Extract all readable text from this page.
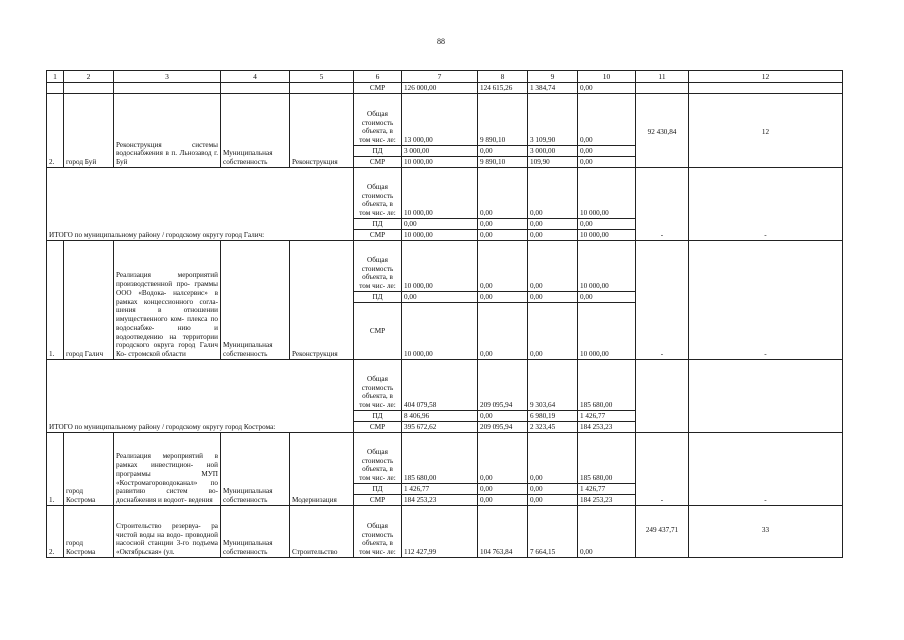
88
1	2	3	4	5	6	7	8	9	10	11	12
					СМР	126 000,00	124 615,26	1 384,74	0,00		
2.	город Буй	Реконструкция системы водоснабжения в п. Льнозавод г. Буй	Муниципальная собственность	Реконструкция	Общая стоимость объекта, в том чис- ле:	13 000,00	9 890,10	3 109,90	0,00	92 430,84	12
					ПД	3 000,00	0,00	3 000,00	0,00		
					СМР	10 000,00	9 890,10	109,90	0,00		
ИТОГО по муниципальному району / городскому округу город Галич:					Общая стоимость объекта, в том чис- ле:	10 000,00	0,00	0,00	10 000,00	-	-
					ПД	0,00	0,00	0,00	0,00		
					СМР	10 000,00	0,00	0,00	10 000,00		
1.	город Галич	Реализация мероприятий производственной про- граммы ООО «Водока- налсервис» в рамках концессионного согла- шения в отношении имущественного ком- плекса по водоснабже- нию и водоотведению на территории городского округа город Галич Ко- стромской области	Муниципальная собственность	Реконструкция	Общая стоимость объекта, в том чис- ле:	10 000,00	0,00	0,00	10 000,00	-	-
					ПД	0,00	0,00	0,00	0,00		
					СМР	10 000,00	0,00	0,00	10 000,00		
ИТОГО по муниципальному району / городскому округу город Кострома:					Общая стоимость объекта, в том чис- ле:	404 079,58	209 095,94	9 303,64	185 680,00		
					ПД	8 406,96	0,00	6 980,19	1 426,77		
					СМР	395 672,62	209 095,94	2 323,45	184 253,23		
1.	город Кострома	Реализация мероприятий в рамках инвестицион- ной программы МУП «Костромагороводоканал» по развитию систем во- доснабжения и водоот- ведения	Муниципальная собственность	Модернизация	Общая стоимость объекта, в том чис- ле:	185 680,00	0,00	0,00	185 680,00	-	-
					ПД	1 426,77	0,00	0,00	1 426,77		
					СМР	184 253,23	0,00	0,00	184 253,23		
2.	город Кострома	Строительство резервуа- ра чистой воды на водо- проводной насосной станции 3-го подъема «Октябрьская» (ул.	Муниципальная собственность	Строительство	Общая стоимость объекта, в том чис- ле:	112 427,99	104 763,84	7 664,15	0,00	249 437,71	33
